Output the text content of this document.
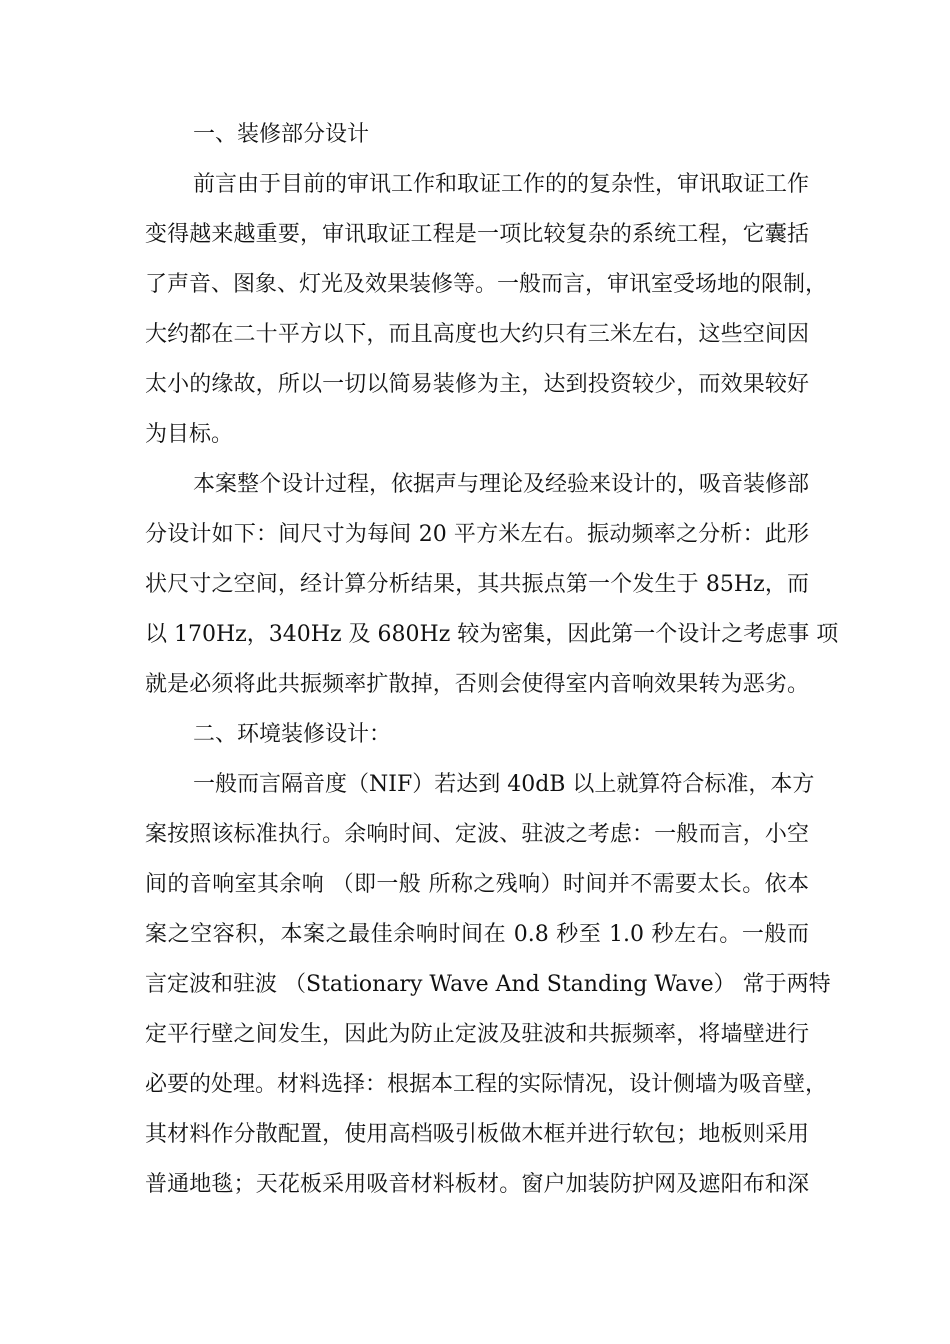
一、装修部分设计
前言由于目前的审讯工作和取证工作的的复杂性，审讯取证工作
变得越来越重要，审讯取证工程是一项比较复杂的系统工程，它囊括
了声音、图象、灯光及效果装修等。一般而言，审讯室受场地的限制，
大约都在二十平方以下，而且高度也大约只有三米左右，这些空间因
太小的缘故，所以一切以简易装修为主，达到投资较少，而效果较好
为目标。
本案整个设计过程，依据声与理论及经验来设计的，吸音装修部
分设计如下：间尺寸为每间 20 平方米左右。振动频率之分析：此形
状尺寸之空间，经计算分析结果，其共振点第一个发生于 85Hz，而
以 170Hz，340Hz 及 680Hz 较为密集，因此第一个设计之考虑事 项
就是必须将此共振频率扩散掉，否则会使得室内音响效果转为恶劣。
二、环境装修设计：
一般而言隔音度（NIF）若达到 40dB 以上就算符合标准，本方
案按照该标准执行。余响时间、定波、驻波之考虑：一般而言，小空
间的音响室其余响 （即一般 所称之残响）时间并不需要太长。依本
案之空容积，本案之最佳余响时间在 0.8 秒至 1.0 秒左右。一般而
言定波和驻波 （Stationary Wave And Standing Wave） 常于两特
定平行壁之间发生，因此为防止定波及驻波和共振频率，将墙壁进行
必要的处理。材料选择：根据本工程的实际情况，设计侧墙为吸音壁，
其材料作分散配置，使用高档吸引板做木框并进行软包；地板则采用
普通地毯；天花板采用吸音材料板材。窗户加装防护网及遮阳布和深
